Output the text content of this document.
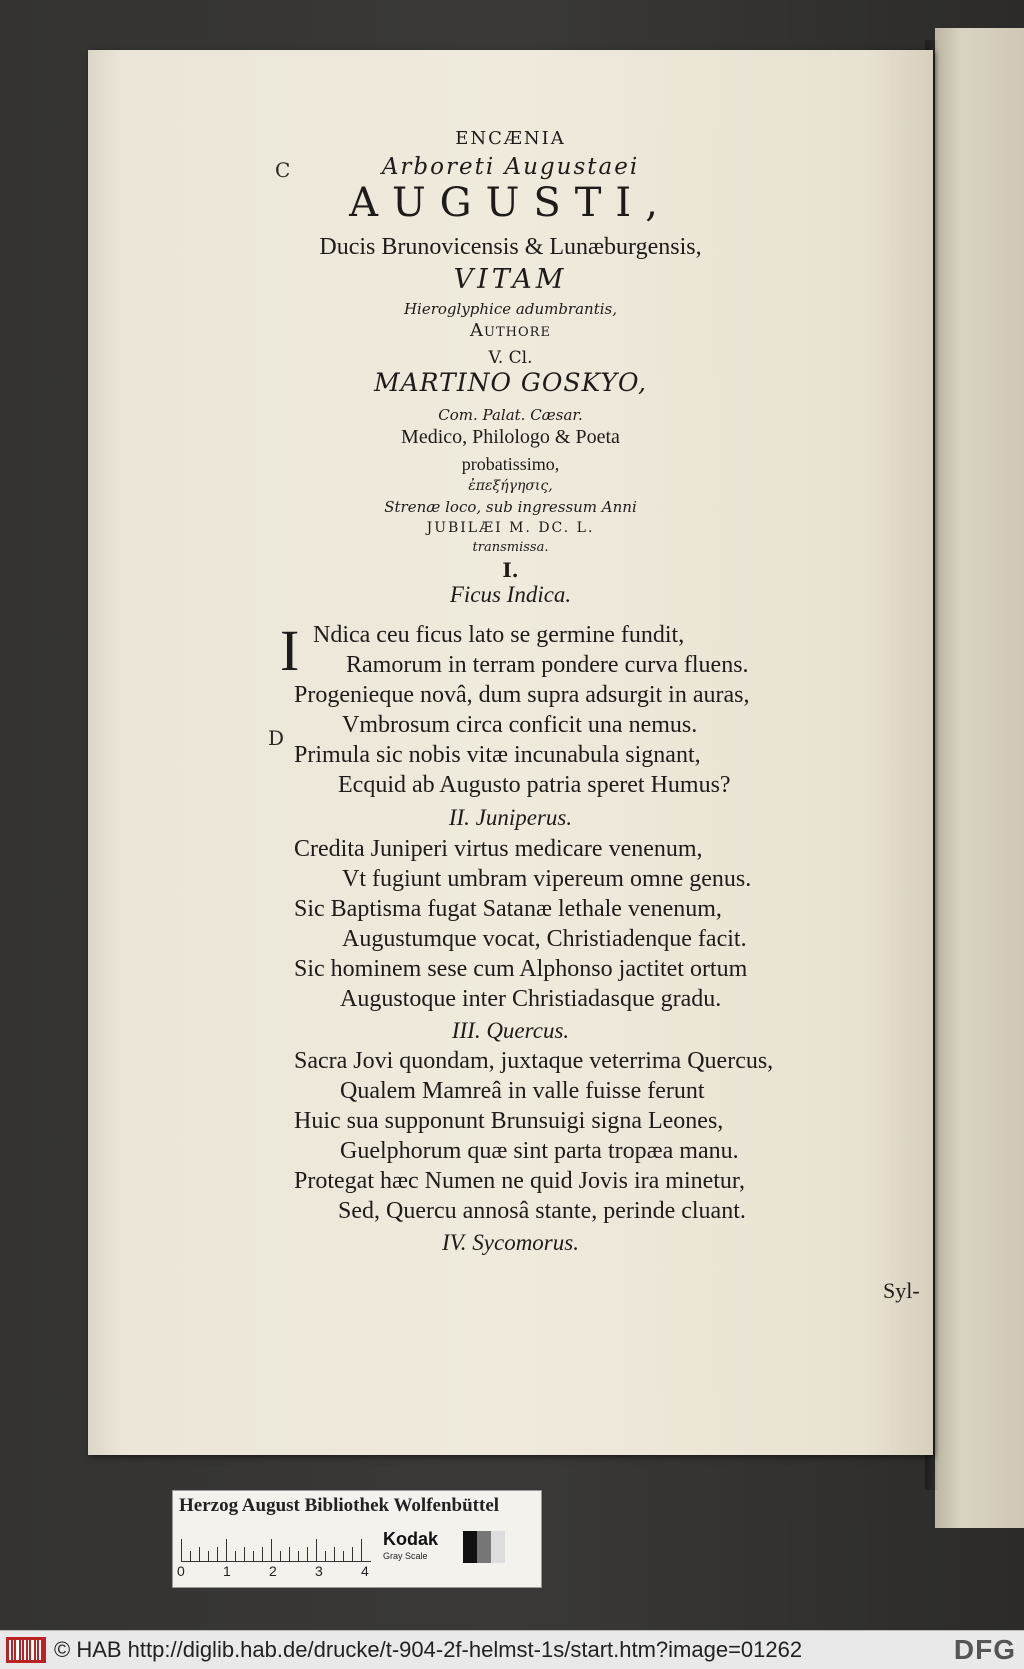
C
D
ENCÆNIA
Arboreti Augustaei
AUGUSTI,
Ducis Brunovicensis & Lunæburgensis,
VITAM
Hieroglyphice adumbrantis,
Authore
V. Cl.
MARTINO GOSKYO,
Com. Palat. Cæsar.
Medico, Philologo & Poeta
probatissimo,
ἐπεξήγησις,
Strenæ loco, sub ingressum Anni
JUBILÆI M. DC. L.
transmissa.
I.
Ficus Indica.
I Ndica ceu ficus lato se germine fundit,
Ramorum in terram pondere curva fluens.
Progenieque novâ, dum supra adsurgit in auras,
Vmbrosum circa conficit una nemus.
Primula sic nobis vitæ incunabula signant,
Ecquid ab Augusto patria speret Humus?
II. Juniperus.
Credita Juniperi virtus medicare venenum,
Vt fugiunt umbram vipereum omne genus.
Sic Baptisma fugat Satanæ lethale venenum,
Augustumque vocat, Christiadenque facit.
Sic hominem sese cum Alphonso jactitet ortum
Augustoque inter Christiadasque gradu.
III. Quercus.
Sacra Jovi quondam, juxtaque veterrima Quercus,
Qualem Mamreâ in valle fuisse ferunt
Huic sua supponunt Brunsuigi signa Leones,
Guelphorum quæ sint parta tropæa manu.
Protegat hæc Numen ne quid Jovis ira minetur,
Sed, Quercu annosâ stante, perinde cluant.
IV. Sycomorus.
Syl-
Herzog August Bibliothek Wolfenbüttel
0	1	2	3	4
Kodak
Gray Scale
© HAB http://diglib.hab.de/drucke/t-904-2f-helmst-1s/start.htm?image=01262	DFG
